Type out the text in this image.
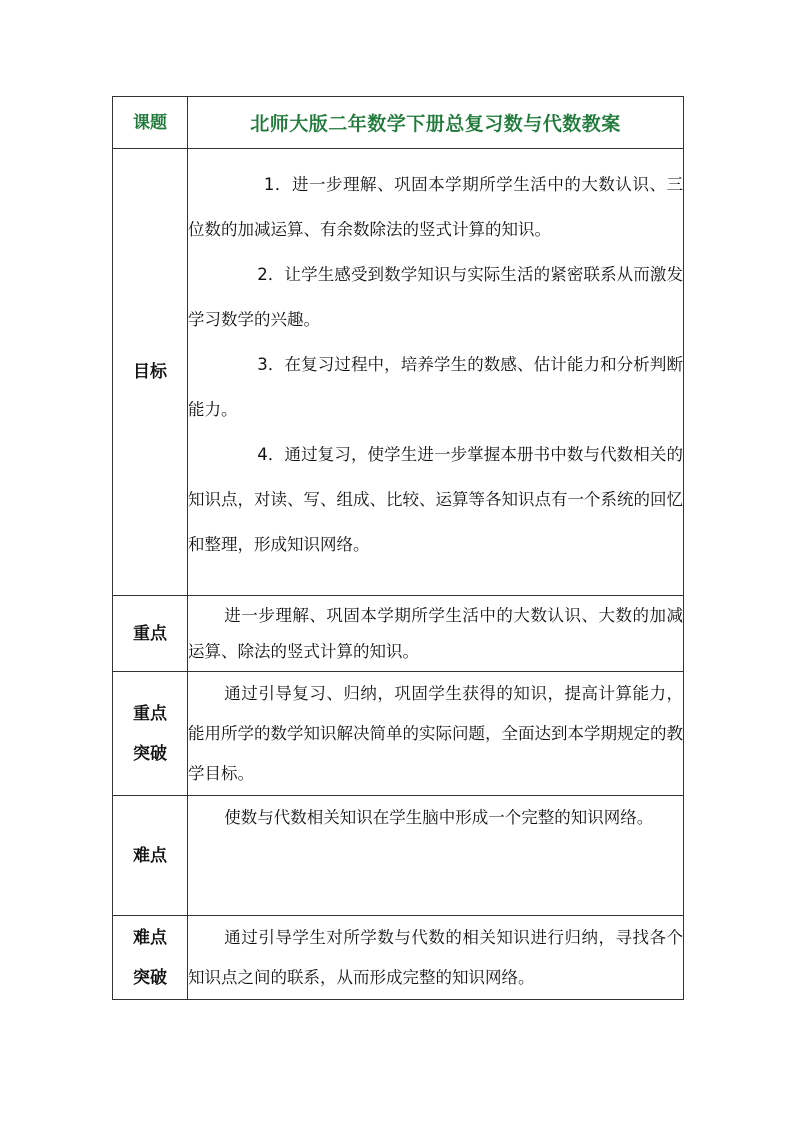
课题	北师大版二年数学下册总复习数与代数教案
目标	1．进一步理解、巩固本学期所学生活中的大数认识、三位数的加减运算、有余数除法的竖式计算的知识。

2．让学生感受到数学知识与实际生活的紧密联系从而激发学习数学的兴趣。

3．在复习过程中，培养学生的数感、估计能力和分析判断能力。

4．通过复习，使学生进一步掌握本册书中数与代数相关的知识点，对读、写、组成、比较、运算等各知识点有一个系统的回忆和整理，形成知识网络。

重点	进一步理解、巩固本学期所学生活中的大数认识、大数的加减运算、除法的竖式计算的知识。

重点
突破	通过引导复习、归纳，巩固学生获得的知识，提高计算能力，能用所学的数学知识解决简单的实际问题，全面达到本学期规定的教学目标。

难点	使数与代数相关知识在学生脑中形成一个完整的知识网络。

难点
突破	通过引导学生对所学数与代数的相关知识进行归纳，寻找各个知识点之间的联系，从而形成完整的知识网络。
